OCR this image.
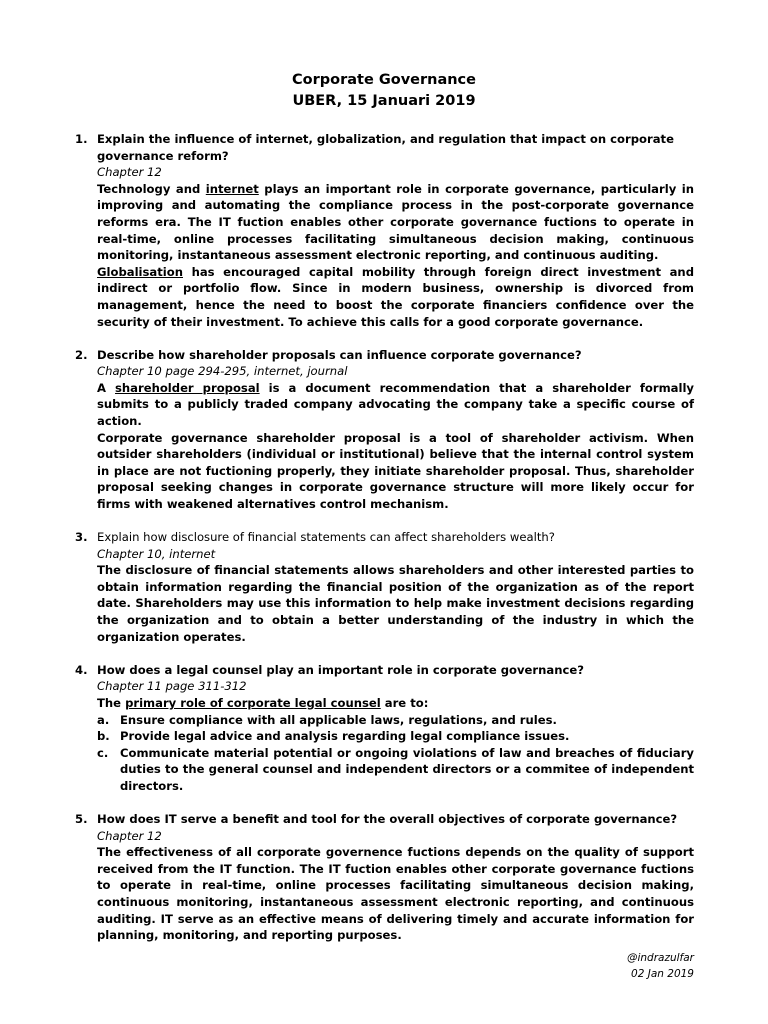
Corporate Governance
UBER, 15 Januari 2019
1. Explain the influence of internet, globalization, and regulation that impact on corporate governance reform?
Chapter 12

Technology and internet plays an important role in corporate governance, particularly in improving and automating the compliance process in the post-corporate governance reforms era. The IT fuction enables other corporate governance fuctions to operate in real-time, online processes facilitating simultaneous decision making, continuous monitoring, instantaneous assessment electronic reporting, and continuous auditing.

Globalisation has encouraged capital mobility through foreign direct investment and indirect or portfolio flow. Since in modern business, ownership is divorced from management, hence the need to boost the corporate financiers confidence over the security of their investment. To achieve this calls for a good corporate governance.

2. Describe how shareholder proposals can influence corporate governance?
Chapter 10 page 294-295, internet, journal

A shareholder proposal is a document recommendation that a shareholder formally submits to a publicly traded company advocating the company take a specific course of action.

Corporate governance shareholder proposal is a tool of shareholder activism. When outsider shareholders (individual or institutional) believe that the internal control system in place are not fuctioning properly, they initiate shareholder proposal. Thus, shareholder proposal seeking changes in corporate governance structure will more likely occur for firms with weakened alternatives control mechanism.

3. Explain how disclosure of financial statements can affect shareholders wealth?
Chapter 10, internet

The disclosure of financial statements allows shareholders and other interested parties to obtain information regarding the financial position of the organization as of the report date. Shareholders may use this information to help make investment decisions regarding the organization and to obtain a better understanding of the industry in which the organization operates.

4. How does a legal counsel play an important role in corporate governance?
Chapter 11 page 311-312

The primary role of corporate legal counsel are to:

a. Ensure compliance with all applicable laws, regulations, and rules.
b. Provide legal advice and analysis regarding legal compliance issues.
c. Communicate material potential or ongoing violations of law and breaches of fiduciary duties to the general counsel and independent directors or a commitee of independent directors.
5. How does IT serve a benefit and tool for the overall objectives of corporate governance?
Chapter 12

The effectiveness of all corporate governence fuctions depends on the quality of support received from the IT function. The IT fuction enables other corporate governance fuctions to operate in real-time, online processes facilitating simultaneous decision making, continuous monitoring, instantaneous assessment electronic reporting, and continuous auditing. IT serve as an effective means of delivering timely and accurate information for planning, monitoring, and reporting purposes.

@indrazulfar
02 Jan 2019
